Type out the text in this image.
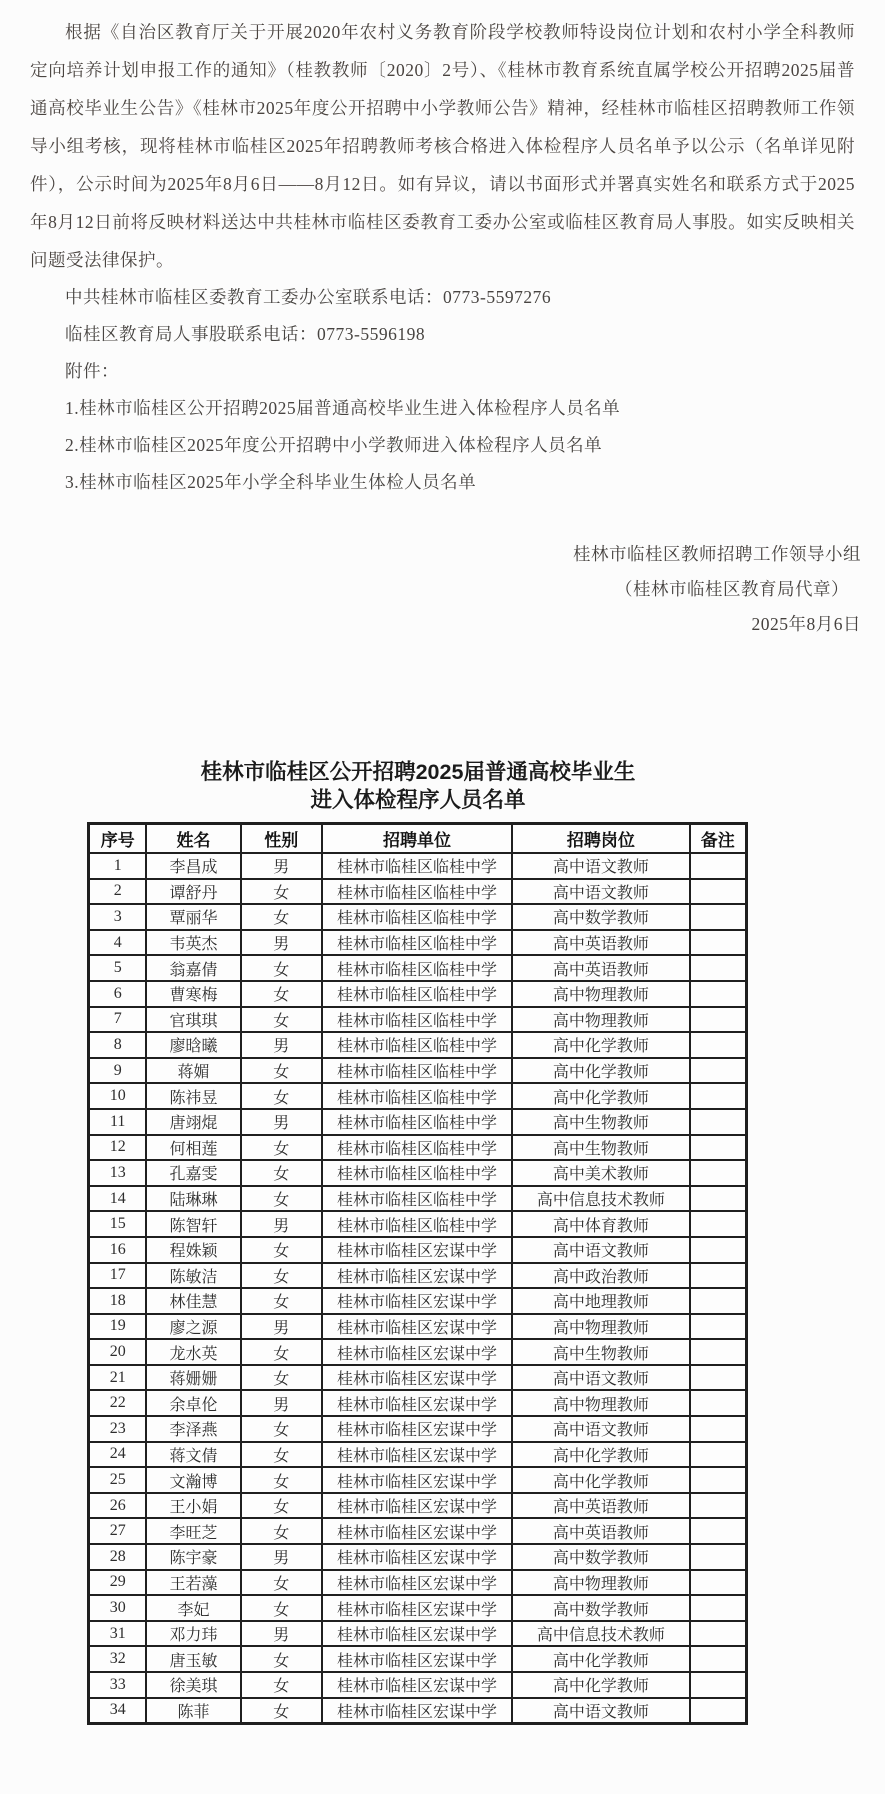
根据《自治区教育厅关于开展2020年农村义务教育阶段学校教师特设岗位计划和农村小学全科教师定向培养计划申报工作的通知》（桂教教师〔2020〕2号）、《桂林市教育系统直属学校公开招聘2025届普通高校毕业生公告》《桂林市2025年度公开招聘中小学教师公告》精神，经桂林市临桂区招聘教师工作领导小组考核，现将桂林市临桂区2025年招聘教师考核合格进入体检程序人员名单予以公示（名单详见附件），公示时间为2025年8月6日——8月12日。如有异议，请以书面形式并署真实姓名和联系方式于2025年8月12日前将反映材料送达中共桂林市临桂区委教育工委办公室或临桂区教育局人事股。如实反映相关问题受法律保护。

中共桂林市临桂区委教育工委办公室联系电话：0773-5597276
临桂区教育局人事股联系电话：0773-5596198
附件：
1.桂林市临桂区公开招聘2025届普通高校毕业生进入体检程序人员名单
2.桂林市临桂区2025年度公开招聘中小学教师进入体检程序人员名单
3.桂林市临桂区2025年小学全科毕业生体检人员名单
桂林市临桂区教师招聘工作领导小组
（桂林市临桂区教育局代章）
2025年8月6日
桂林市临桂区公开招聘2025届普通高校毕业生
进入体检程序人员名单
序号	姓名	性别	招聘单位	招聘岗位	备注
1	李昌成	男	桂林市临桂区临桂中学	高中语文教师	
2	谭舒丹	女	桂林市临桂区临桂中学	高中语文教师	
3	覃丽华	女	桂林市临桂区临桂中学	高中数学教师	
4	韦英杰	男	桂林市临桂区临桂中学	高中英语教师	
5	翁嘉倩	女	桂林市临桂区临桂中学	高中英语教师	
6	曹寒梅	女	桂林市临桂区临桂中学	高中物理教师	
7	官琪琪	女	桂林市临桂区临桂中学	高中物理教师	
8	廖晗曦	男	桂林市临桂区临桂中学	高中化学教师	
9	蒋媚	女	桂林市临桂区临桂中学	高中化学教师	
10	陈祎昱	女	桂林市临桂区临桂中学	高中化学教师	
11	唐翊焜	男	桂林市临桂区临桂中学	高中生物教师	
12	何相莲	女	桂林市临桂区临桂中学	高中生物教师	
13	孔嘉雯	女	桂林市临桂区临桂中学	高中美术教师	
14	陆琳琳	女	桂林市临桂区临桂中学	高中信息技术教师	
15	陈智轩	男	桂林市临桂区临桂中学	高中体育教师	
16	程姝颖	女	桂林市临桂区宏谋中学	高中语文教师	
17	陈敏洁	女	桂林市临桂区宏谋中学	高中政治教师	
18	林佳慧	女	桂林市临桂区宏谋中学	高中地理教师	
19	廖之源	男	桂林市临桂区宏谋中学	高中物理教师	
20	龙水英	女	桂林市临桂区宏谋中学	高中生物教师	
21	蒋姗姗	女	桂林市临桂区宏谋中学	高中语文教师	
22	余卓伦	男	桂林市临桂区宏谋中学	高中物理教师	
23	李泽燕	女	桂林市临桂区宏谋中学	高中语文教师	
24	蒋文倩	女	桂林市临桂区宏谋中学	高中化学教师	
25	文瀚博	女	桂林市临桂区宏谋中学	高中化学教师	
26	王小娟	女	桂林市临桂区宏谋中学	高中英语教师	
27	李旺芝	女	桂林市临桂区宏谋中学	高中英语教师	
28	陈宇豪	男	桂林市临桂区宏谋中学	高中数学教师	
29	王若藻	女	桂林市临桂区宏谋中学	高中物理教师	
30	李妃	女	桂林市临桂区宏谋中学	高中数学教师	
31	邓力玮	男	桂林市临桂区宏谋中学	高中信息技术教师	
32	唐玉敏	女	桂林市临桂区宏谋中学	高中化学教师	
33	徐美琪	女	桂林市临桂区宏谋中学	高中化学教师	
34	陈菲	女	桂林市临桂区宏谋中学	高中语文教师	
